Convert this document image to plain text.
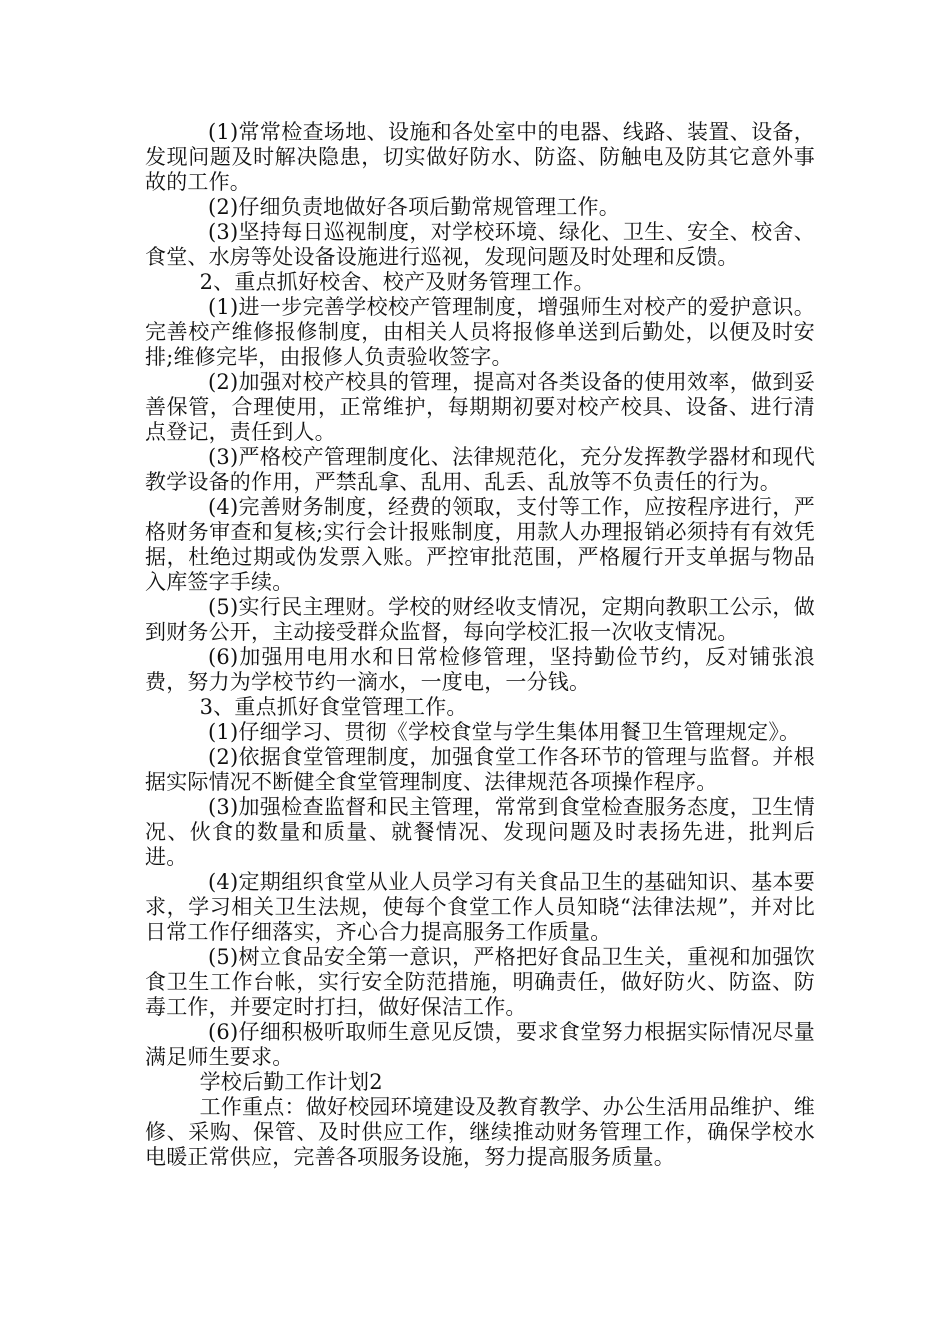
(1)常常检查场地、设施和各处室中的电器、线路、装置、设备，发现问题及时解决隐患，切实做好防水、防盗、防触电及防其它意外事故的工作。

(2)仔细负责地做好各项后勤常规管理工作。

(3)坚持每日巡视制度，对学校环境、绿化、卫生、安全、校舍、食堂、水房等处设备设施进行巡视，发现问题及时处理和反馈。

2、重点抓好校舍、校产及财务管理工作。

(1)进一步完善学校校产管理制度，增强师生对校产的爱护意识。完善校产维修报修制度，由相关人员将报修单送到后勤处，以便及时安排;维修完毕，由报修人负责验收签字。

(2)加强对校产校具的管理，提高对各类设备的使用效率，做到妥善保管，合理使用，正常维护，每期期初要对校产校具、设备、进行清点登记，责任到人。

(3)严格校产管理制度化、法律规范化，充分发挥教学器材和现代教学设备的作用，严禁乱拿、乱用、乱丢、乱放等不负责任的行为。

(4)完善财务制度，经费的领取，支付等工作，应按程序进行，严格财务审查和复核;实行会计报账制度，用款人办理报销必须持有有效凭据，杜绝过期或伪发票入账。严控审批范围，严格履行开支单据与物品入库签字手续。

(5)实行民主理财。学校的财经收支情况，定期向教职工公示，做到财务公开，主动接受群众监督，每向学校汇报一次收支情况。

(6)加强用电用水和日常检修管理，坚持勤俭节约，反对铺张浪费，努力为学校节约一滴水，一度电，一分钱。

3、重点抓好食堂管理工作。

(1)仔细学习、贯彻《学校食堂与学生集体用餐卫生管理规定》。

(2)依据食堂管理制度，加强食堂工作各环节的管理与监督。并根据实际情况不断健全食堂管理制度、法律规范各项操作程序。

(3)加强检查监督和民主管理，常常到食堂检查服务态度，卫生情况、伙食的数量和质量、就餐情况、发现问题及时表扬先进，批判后进。

(4)定期组织食堂从业人员学习有关食品卫生的基础知识、基本要求，学习相关卫生法规，使每个食堂工作人员知晓“法律法规”，并对比日常工作仔细落实，齐心合力提高服务工作质量。

(5)树立食品安全第一意识，严格把好食品卫生关，重视和加强饮食卫生工作台帐，实行安全防范措施，明确责任，做好防火、防盗、防毒工作，并要定时打扫，做好保洁工作。

(6)仔细积极听取师生意见反馈，要求食堂努力根据实际情况尽量满足师生要求。

学校后勤工作计划2

工作重点：做好校园环境建设及教育教学、办公生活用品维护、维修、采购、保管、及时供应工作，继续推动财务管理工作，确保学校水电暖正常供应，完善各项服务设施，努力提高服务质量。
